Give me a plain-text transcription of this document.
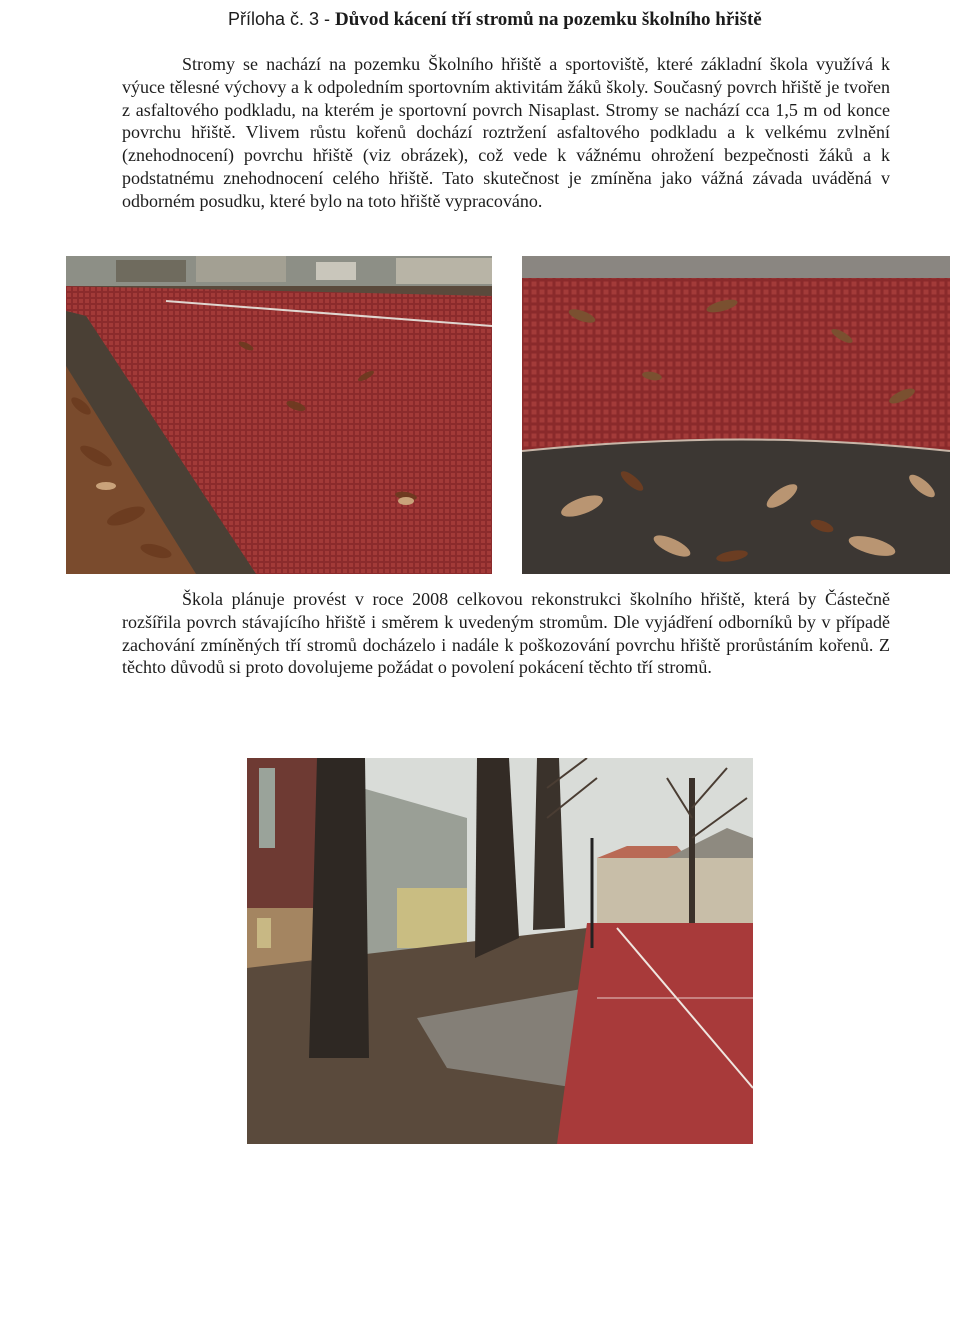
Příloha č. 3 - Důvod kácení tří stromů na pozemku školního hřiště
Stromy se nachází na pozemku Školního hřiště a sportoviště, které základní škola využívá k výuce tělesné výchovy a k odpoledním sportovním aktivitám žáků školy. Současný povrch hřiště je tvořen z asfaltového podkladu, na kterém je sportovní povrch Nisaplast. Stromy se nachází cca 1,5 m od konce povrchu hřiště. Vlivem růstu kořenů dochází roztržení asfaltového podkladu a k velkému zvlnění (znehodnocení) povrchu hřiště (viz obrázek), což vede k vážnému ohrožení bezpečnosti žáků a k podstatnému znehodnocení celého hřiště. Tato skutečnost je zmíněna jako vážná závada uváděná v odborném posudku, které bylo na toto hřiště vypracováno.
Škola plánuje provést v roce 2008 celkovou rekonstrukci školního hřiště, která by Částečně rozšířila povrch stávajícího hřiště i směrem k uvedeným stromům. Dle vyjádření odborníků by v případě zachování zmíněných tří stromů docházelo i nadále k poškozování povrchu hřiště prorůstáním kořenů. Z těchto důvodů si proto dovolujeme požádat o povolení pokácení těchto tří stromů.
